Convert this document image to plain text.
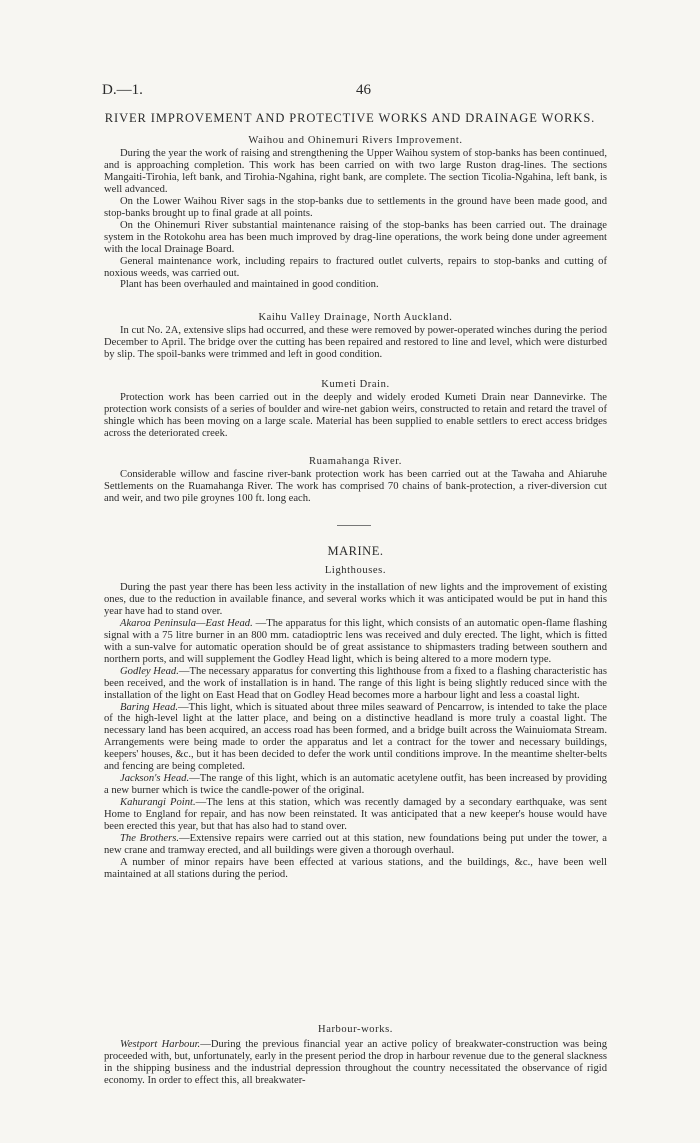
D.—1.	46
RIVER IMPROVEMENT AND PROTECTIVE WORKS AND DRAINAGE WORKS.
Waihou and Ohinemuri Rivers Improvement.

During the year the work of raising and strengthening the Upper Waihou system of stop-banks has been continued, and is approaching completion. This work has been carried on with two large Ruston drag-lines. The sections Mangaiti-Tirohia, left bank, and Tirohia-Ngahina, right bank, are complete. The section Ticolia-Ngahina, left bank, is well advanced.

On the Lower Waihou River sags in the stop-banks due to settlements in the ground have been made good, and stop-banks brought up to final grade at all points.

On the Ohinemuri River substantial maintenance raising of the stop-banks has been carried out. The drainage system in the Rotokohu area has been much improved by drag-line operations, the work being done under agreement with the local Drainage Board.

General maintenance work, including repairs to fractured outlet culverts, repairs to stop-banks and cutting of noxious weeds, was carried out.

Plant has been overhauled and maintained in good condition.

Kaihu Valley Drainage, North Auckland.

In cut No. 2A, extensive slips had occurred, and these were removed by power-operated winches during the period December to April. The bridge over the cutting has been repaired and restored to line and level, which were disturbed by slip. The spoil-banks were trimmed and left in good condition.

Kumeti Drain.

Protection work has been carried out in the deeply and widely eroded Kumeti Drain near Dannevirke. The protection work consists of a series of boulder and wire-net gabion weirs, constructed to retain and retard the travel of shingle which has been moving on a large scale. Material has been supplied to enable settlers to erect access bridges across the deteriorated creek.

Ruamahanga River.

Considerable willow and fascine river-bank protection work has been carried out at the Tawaha and Ahiaruhe Settlements on the Ruamahanga River. The work has comprised 70 chains of bank-protection, a river-diversion cut and weir, and two pile groynes 100 ft. long each.

MARINE.
Lighthouses.

During the past year there has been less activity in the installation of new lights and the improvement of existing ones, due to the reduction in available finance, and several works which it was anticipated would be put in hand this year have had to stand over.

Akaroa Peninsula—East Head. —The apparatus for this light, which consists of an automatic open-flame flashing signal with a 75 litre burner in an 800 mm. catadioptric lens was received and duly erected. The light, which is fitted with a sun-valve for automatic operation should be of great assistance to shipmasters trading between southern and northern ports, and will supplement the Godley Head light, which is being altered to a more modern type.

Godley Head.—The necessary apparatus for converting this lighthouse from a fixed to a flashing characteristic has been received, and the work of installation is in hand. The range of this light is being slightly reduced since with the installation of the light on East Head that on Godley Head becomes more a harbour light and less a coastal light.

Baring Head.—This light, which is situated about three miles seaward of Pencarrow, is intended to take the place of the high-level light at the latter place, and being on a distinctive headland is more truly a coastal light. The necessary land has been acquired, an access road has been formed, and a bridge built across the Wainuiomata Stream. Arrangements were being made to order the apparatus and let a contract for the tower and necessary buildings, keepers' houses, &c., but it has been decided to defer the work until conditions improve. In the meantime shelter-belts and fencing are being completed.

Jackson's Head.—The range of this light, which is an automatic acetylene outfit, has been increased by providing a new burner which is twice the candle-power of the original.

Kahurangi Point.—The lens at this station, which was recently damaged by a secondary earthquake, was sent Home to England for repair, and has now been reinstated. It was anticipated that a new keeper's house would have been erected this year, but that has also had to stand over.

The Brothers.—Extensive repairs were carried out at this station, new foundations being put under the tower, a new crane and tramway erected, and all buildings were given a thorough overhaul.

A number of minor repairs have been effected at various stations, and the buildings, &c., have been well maintained at all stations during the period.

Harbour-works.

Westport Harbour.—During the previous financial year an active policy of breakwater-construction was being proceeded with, but, unfortunately, early in the present period the drop in harbour revenue due to the general slackness in the shipping business and the industrial depression throughout the country necessitated the observance of rigid economy. In order to effect this, all breakwater-
